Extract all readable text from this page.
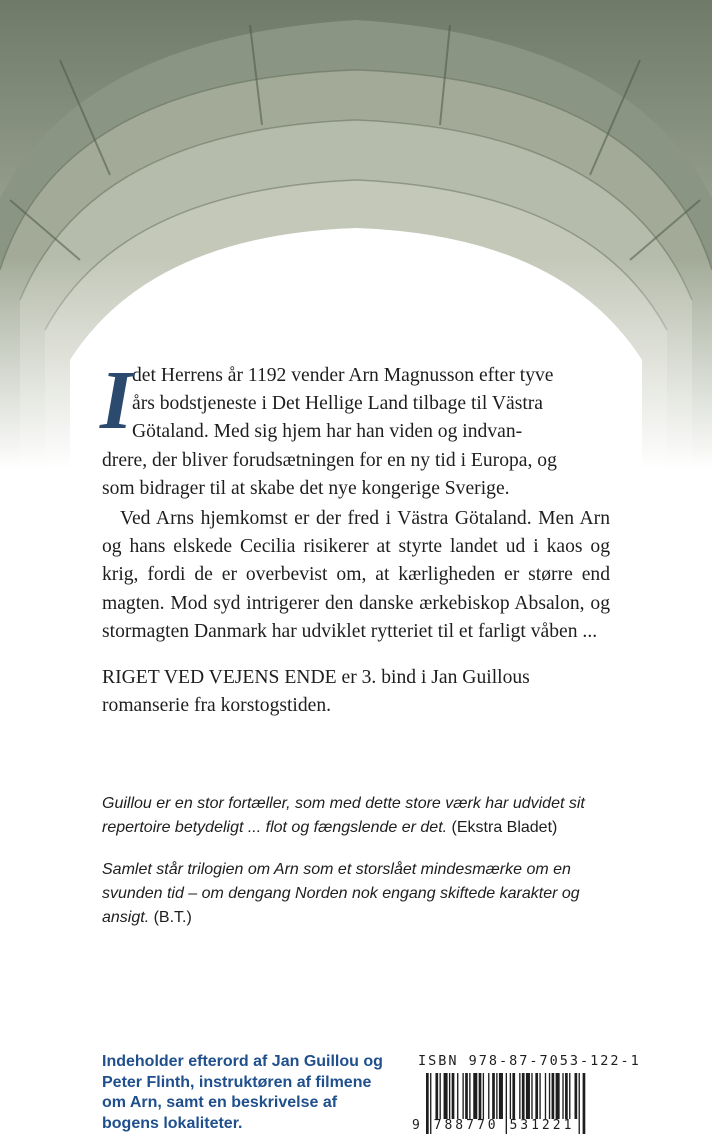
I det Herrens år 1192 vender Arn Magnusson efter tyve
års bodstjeneste i Det Hellige Land tilbage til Västra
Götaland. Med sig hjem har han viden og indvan-
drere, der bliver forudsætningen for en ny tid i Europa, og
som bidrager til at skabe det nye kongerige Sverige.

Ved Arns hjemkomst er der fred i Västra Götaland. Men Arn og hans elskede Cecilia risikerer at styrte landet ud i kaos og krig, fordi de er overbevist om, at kærligheden er større end magten. Mod syd intrigerer den danske ærkebiskop Absalon, og stormagten Danmark har udviklet rytteriet til et farligt våben ...

RIGET VED VEJENS ENDE er 3. bind i Jan Guillous romanserie fra korstogstiden.

Guillou er en stor fortæller, som med dette store værk har udvidet sit repertoire betydeligt ... flot og fængslende er det. (Ekstra Bladet)

Samlet står trilogien om Arn som et storslået mindesmærke om en svunden tid – om dengang Norden nok engang skiftede karakter og ansigt. (B.T.)

Indeholder efterord af Jan Guillou og Peter Flinth, instruktøren af filmene om Arn, samt en beskrivelse af bogens lokaliteter.
ISBN 978-87-7053-122-1
9 788770 531221
